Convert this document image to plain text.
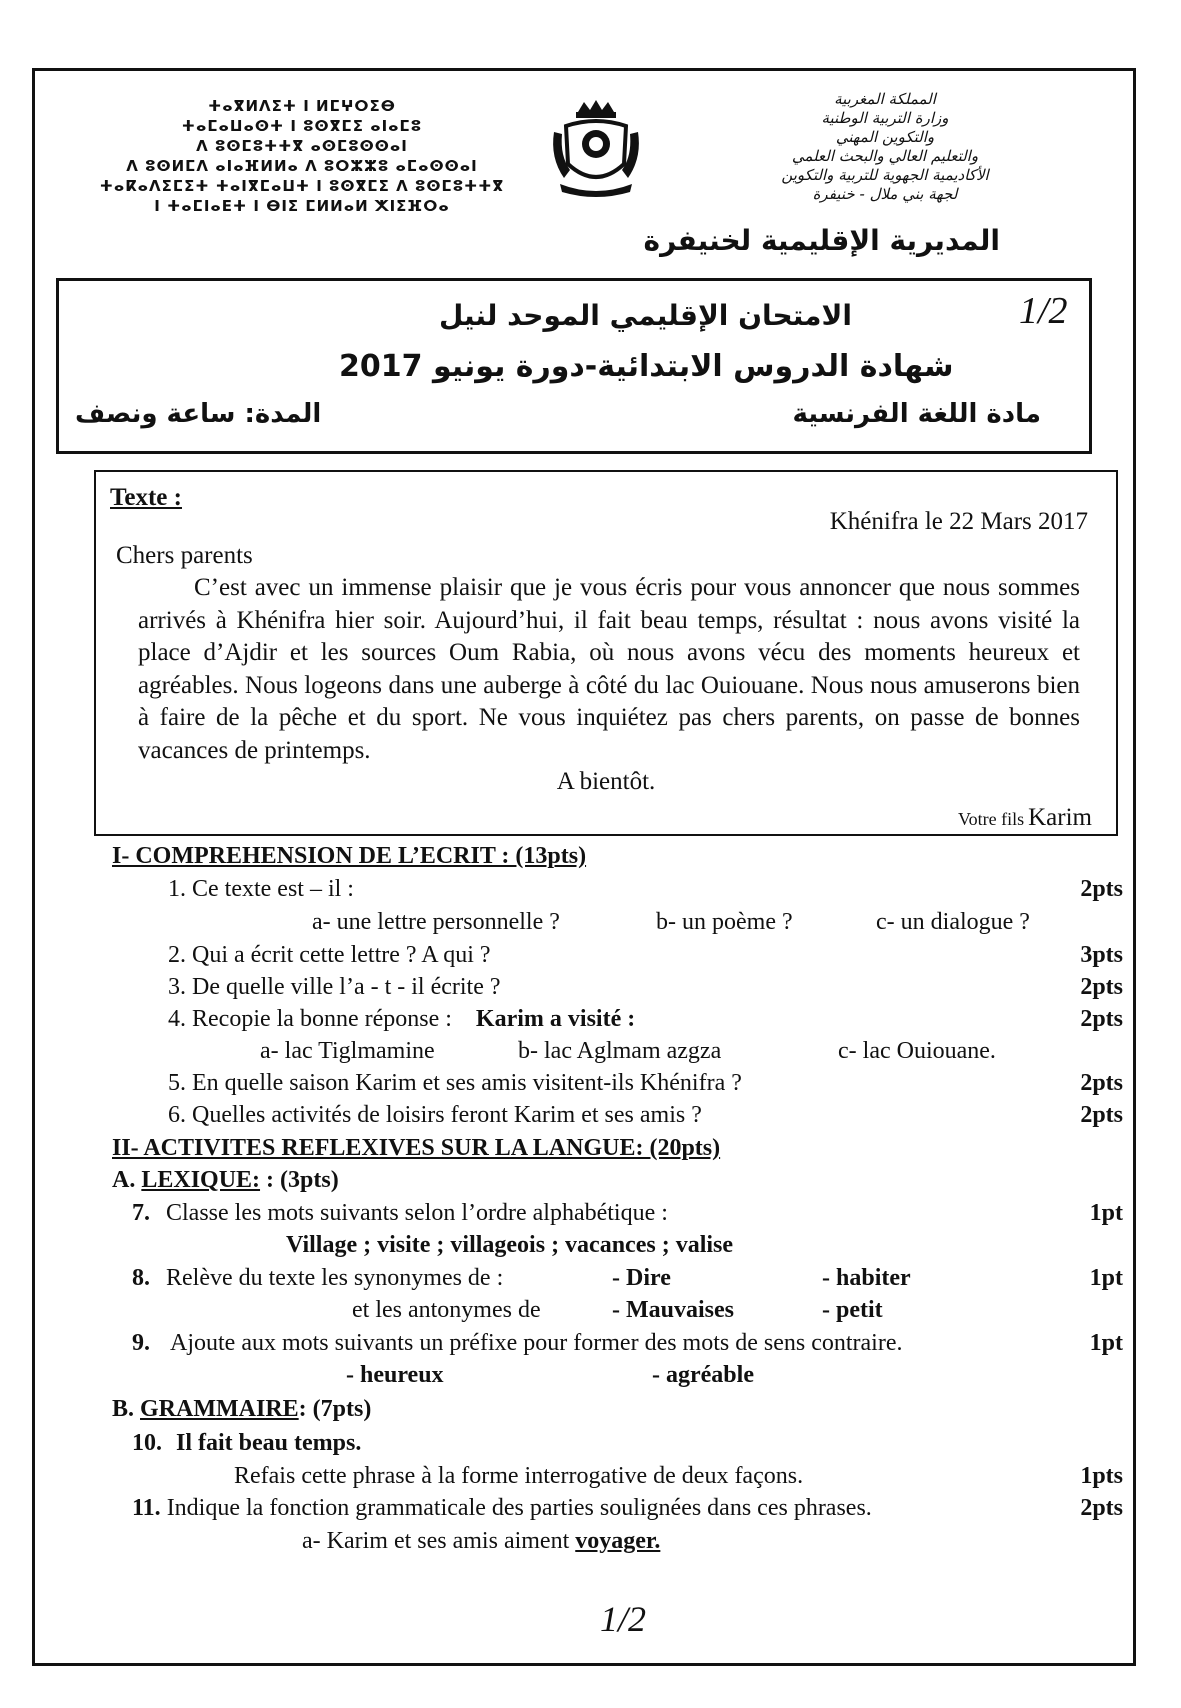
ⵜⴰⴳⵍⴷⵉⵜ ⵏ ⵍⵎⵖⵔⵉⴱ
ⵜⴰⵎⴰⵡⴰⵙⵜ ⵏ ⵓⵙⴳⵎⵉ ⴰⵏⴰⵎⵓ
ⴷ ⵓⵙⵎⵓⵜⵜⴳ ⴰⵙⵎⵓⵙⵙⴰⵏ
ⴷ ⵓⵙⵍⵎⴷ ⴰⵏⴰⴼⵍⵍⴰ ⴷ ⵓⵔⵣⵣⵓ ⴰⵎⴰⵙⵙⴰⵏ
ⵜⴰⴽⴰⴷⵉⵎⵉⵜ ⵜⴰⵏⴳⵎⴰⵡⵜ ⵏ ⵓⵙⴳⵎⵉ ⴷ ⵓⵙⵎⵓⵜⵜⴳ
ⵏ ⵜⴰⵎⵏⴰⴹⵜ ⵏ ⴱⵏⵉ ⵎⵍⵍⴰⵍ ⵅⵏⵉⴼⵔⴰ
المملكة المغربية
وزارة التربية الوطنية
والتكوين المهني
والتعليم العالي والبحث العلمي
الأكاديمية الجهوية للتربية والتكوين
لجهة بني ملال - خنيفرة
المديرية الإقليمية لخنيفرة
الامتحان الإقليمي الموحد لنيل	1/2
شهادة الدروس الابتدائية-دورة يونيو 2017
مادة اللغة الفرنسية
المدة: ساعة ونصف
Texte :
Khénifra le 22 Mars 2017
Chers parents
C’est avec un immense plaisir que je vous écris pour vous annoncer que nous sommes arrivés à Khénifra hier soir. Aujourd’hui, il fait beau temps, résultat : nous avons visité la place d’Ajdir et les sources Oum Rabia, où nous avons vécu des moments heureux et agréables. Nous logeons dans une auberge à côté du lac Ouiouane. Nous nous amuserons bien à faire de la pêche et du sport. Ne vous inquiétez pas chers parents, on passe de bonnes vacances de printemps.
A bientôt.
Votre fils Karim
I- COMPREHENSION DE L’ECRIT : (13pts)
1. Ce texte est – il :	2pts
a- une lettre personnelle ?	b- un poème ?	c- un dialogue ?
2. Qui a écrit cette lettre ? A qui ?	3pts
3. De quelle ville l’a - t - il écrite ?	2pts
4. Recopie la bonne réponse : Karim a visité :	2pts
a- lac Tiglmamine	b- lac Aglmam azgza	c- lac Ouiouane.
5. En quelle saison Karim et ses amis visitent-ils Khénifra ?	2pts
6. Quelles activités de loisirs feront Karim et ses amis ?	2pts
II- ACTIVITES REFLEXIVES SUR LA LANGUE: (20pts)
A. LEXIQUE: : (3pts)
7. Classe les mots suivants selon l’ordre alphabétique :	1pt
Village ; visite ; villageois ; vacances ; valise
8. Relève du texte les synonymes de :	- Dire	- habiter	1pt
et les antonymes de	- Mauvaises	- petit
9. Ajoute aux mots suivants un préfixe pour former des mots de sens contraire.	1pt
- heureux	- agréable
B. GRAMMAIRE: (7pts)
10. Il fait beau temps.
Refais cette phrase à la forme interrogative de deux façons.	1pts
11. Indique la fonction grammaticale des parties soulignées dans ces phrases.	2pts
a- Karim et ses amis aiment voyager.
1/2
